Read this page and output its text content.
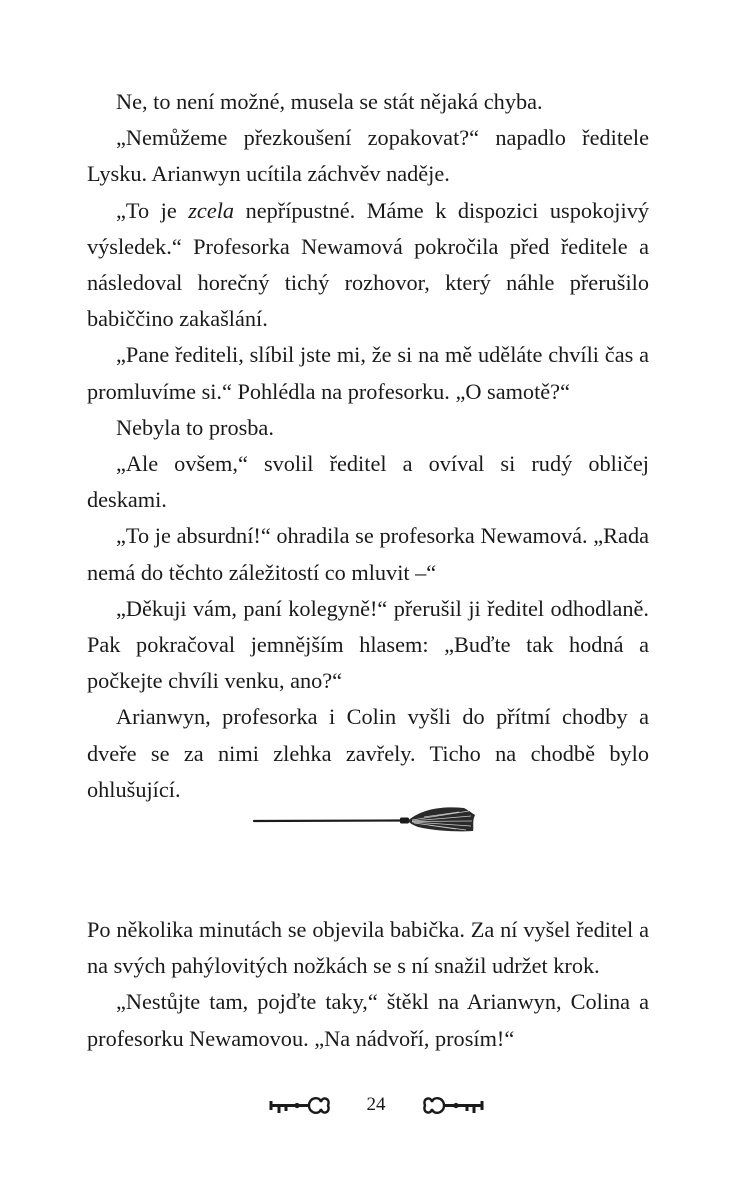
Ne, to není možné, musela se stát nějaká chyba.

„Nemůžeme přezkoušení zopakovat?“ napadlo ředitele Lysku. Arianwyn ucítila záchvěv naděje.

„To je zcela nepřípustné. Máme k dispozici uspokojivý výsledek.“ Profesorka Newamová pokročila před ředitele a následoval horečný tichý rozhovor, který náhle přerušilo babiččino zakašlání.

„Pane řediteli, slíbil jste mi, že si na mě uděláte chvíli čas a promluvíme si.“ Pohlédla na profesorku. „O samotě?“

Nebyla to prosba.

„Ale ovšem,“ svolil ředitel a ovíval si rudý obličej deskami.

„To je absurdní!“ ohradila se profesorka Newamová. „Rada nemá do těchto záležitostí co mluvit –“

„Děkuji vám, paní kolegyně!“ přerušil ji ředitel odhodlaně. Pak pokračoval jemnějším hlasem: „Buďte tak hodná a počkejte chvíli venku, ano?“

Arianwyn, profesorka i Colin vyšli do přítmí chodby a dveře se za nimi zlehka zavřely. Ticho na chodbě bylo ohlušující.

Po několika minutách se objevila babička. Za ní vyšel ředitel a na svých pahýlovitých nožkách se s ní snažil udržet krok.

„Nestůjte tam, pojďte taky,“ štěkl na Arianwyn, Colina a profesorku Newamovou. „Na nádvoří, prosím!“

24
